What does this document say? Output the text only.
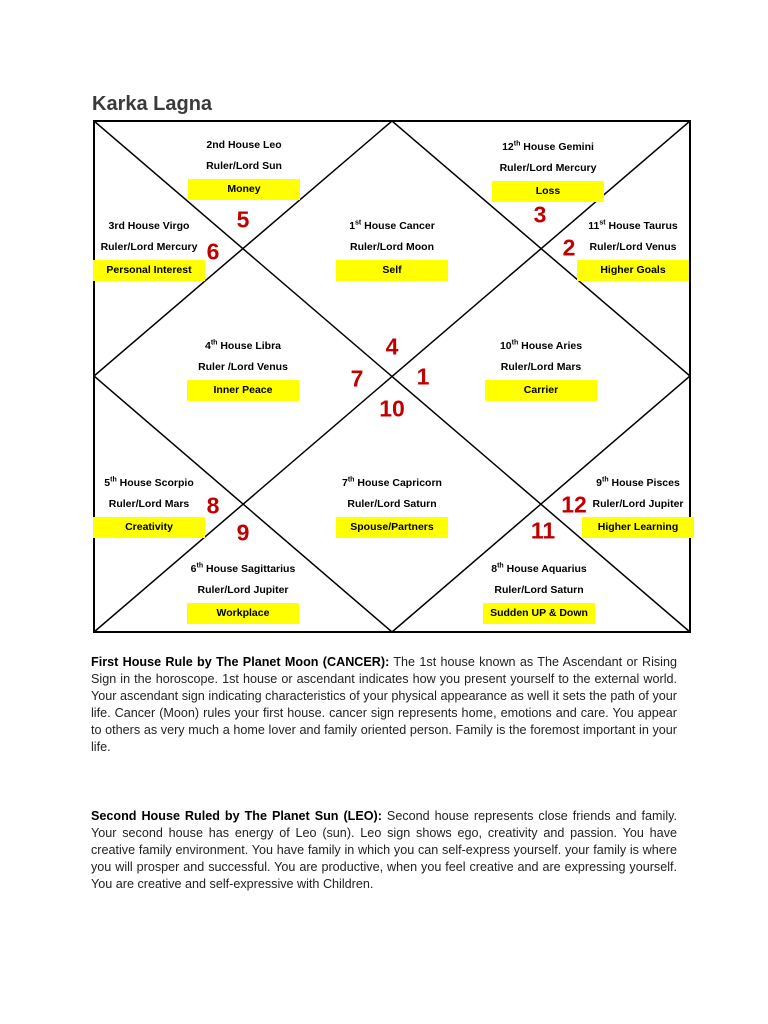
Karka Lagna
2nd House Leo
Ruler/Lord Sun
Money
12th House Gemini
Ruler/Lord Mercury
Loss
3rd House Virgo
Ruler/Lord Mercury
Personal Interest
1st House Cancer
Ruler/Lord Moon
Self
11st House Taurus
Ruler/Lord Venus
Higher Goals
4th House Libra
Ruler /Lord Venus
Inner Peace
10th House Aries
Ruler/Lord Mars
Carrier
5th House Scorpio
Ruler/Lord Mars
Creativity
7th House Capricorn
Ruler/Lord Saturn
Spouse/Partners
9th House Pisces
Ruler/Lord Jupiter
Higher Learning
6th House Sagittarius
Ruler/Lord Jupiter
Workplace
8th House Aquarius
Ruler/Lord Saturn
Sudden UP & Down
5	3
6	2
4
7 1
10
8	12
9	11
First House Rule by The Planet Moon (CANCER): The 1st house known as The Ascendant or Rising Sign in the horoscope. 1st house or ascendant indicates how you present yourself to the external world. Your ascendant sign indicating characteristics of your physical appearance as well it sets the path of your life. Cancer (Moon) rules your first house. cancer sign represents home, emotions and care. You appear to others as very much a home lover and family oriented person. Family is the foremost important in your life.
Second House Ruled by The Planet Sun (LEO): Second house represents close friends and family. Your second house has energy of Leo (sun). Leo sign shows ego, creativity and passion. You have creative family environment. You have family in which you can self-express yourself. your family is where you will prosper and successful. You are productive, when you feel creative and are expressing yourself. You are creative and self-expressive with Children.
